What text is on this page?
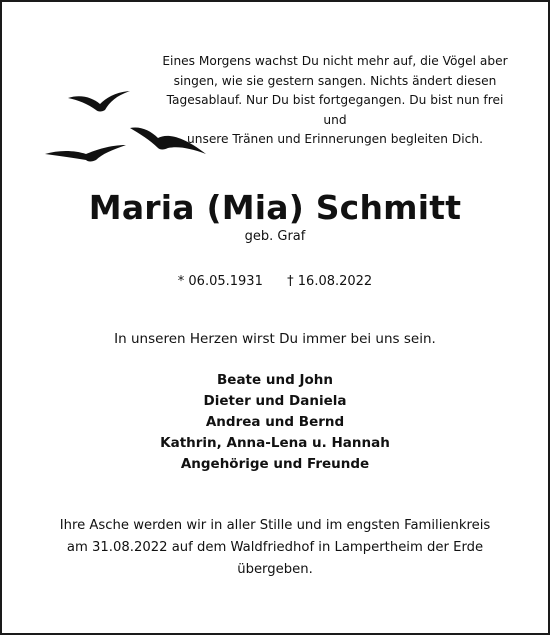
Eines Morgens wachst Du nicht mehr auf, die Vögel aber
singen, wie sie gestern sangen. Nichts ändert diesen
Tagesablauf. Nur Du bist fortgegangen. Du bist nun frei und
unsere Tränen und Erinnerungen begleiten Dich.
Maria (Mia) Schmitt
geb. Graf
* 06.05.1931 † 16.08.2022
In unseren Herzen wirst Du immer bei uns sein.
Beate und John
Dieter und Daniela
Andrea und Bernd
Kathrin, Anna-Lena u. Hannah
Angehörige und Freunde
Ihre Asche werden wir in aller Stille und im engsten Familienkreis
am 31.08.2022 auf dem Waldfriedhof in Lampertheim der Erde
übergeben.
